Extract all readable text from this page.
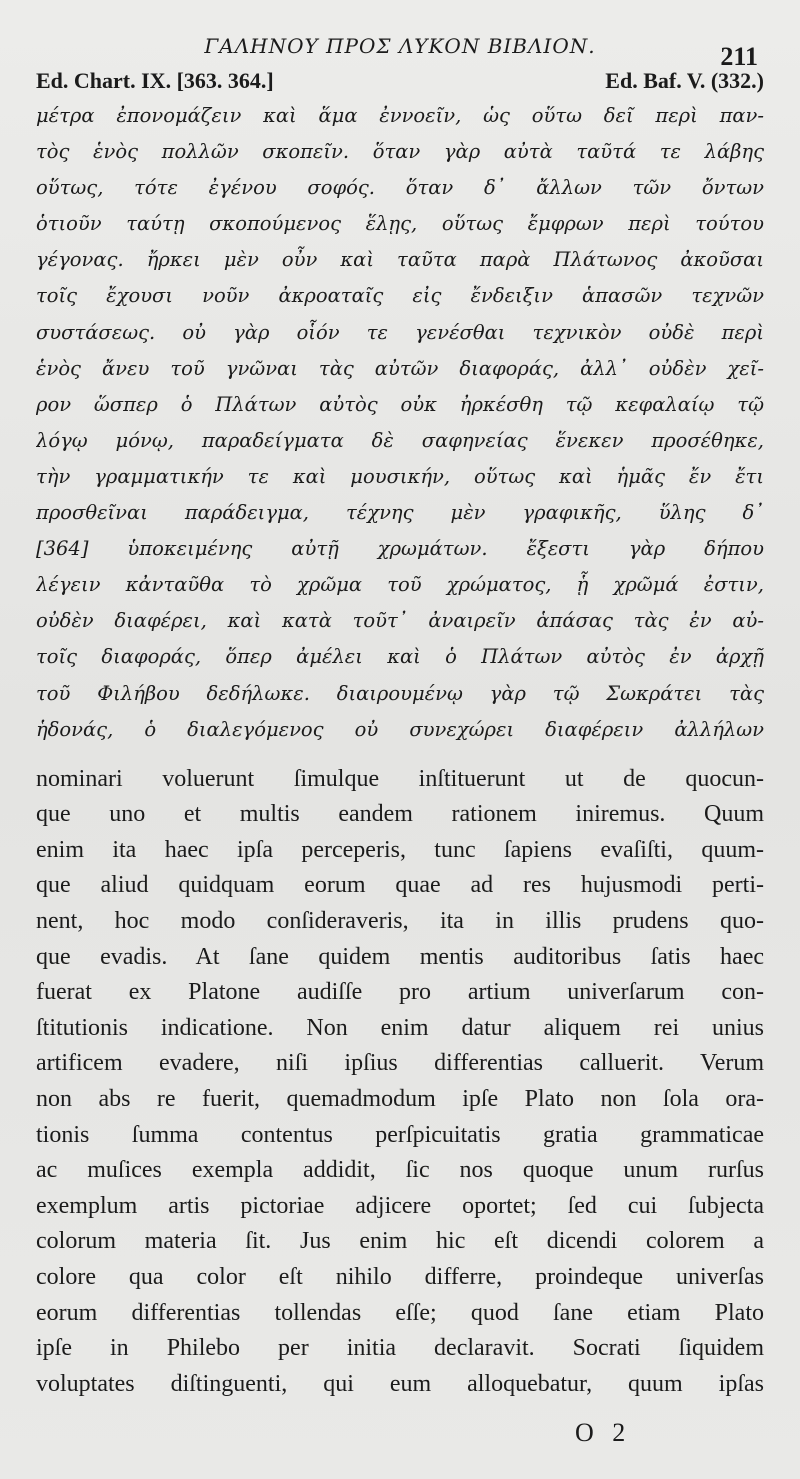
ΓΑΛΗΝΟΥ ΠΡΟΣ ΛΥΚΟΝ ΒΙΒΛΙΟΝ.	211
Ed. Chart. IX. [363. 364.]	Ed. Baf. V. (332.)
μέτρα ἐπονομάζειν καὶ ἅμα ἐννοεῖν, ὡς οὕτω δεῖ περὶ παν-
τὸς ἑνὸς πολλῶν σκοπεῖν. ὅταν γὰρ αὐτὰ ταῦτά τε λάβης
οὕτως, τότε ἐγένου σοφός. ὅταν δ᾽ ἄλλων τῶν ὄντων
ὁτιοῦν ταύτῃ σκοπούμενος ἕλῃς, οὕτως ἔμφρων περὶ τούτου
γέγονας. ἤρκει μὲν οὖν καὶ ταῦτα παρὰ Πλάτωνος ἀκοῦσαι
τοῖς ἔχουσι νοῦν ἀκροαταῖς εἰς ἔνδειξιν ἁπασῶν τεχνῶν
συστάσεως. οὐ γὰρ οἷόν τε γενέσθαι τεχνικὸν οὐδὲ περὶ
ἑνὸς ἄνευ τοῦ γνῶναι τὰς αὐτῶν διαφοράς, ἀλλ᾽ οὐδὲν χεῖ-
ρον ὥσπερ ὁ Πλάτων αὐτὸς οὐκ ἠρκέσθη τῷ κεφαλαίῳ τῷ
λόγῳ μόνῳ, παραδείγματα δὲ σαφηνείας ἕνεκεν προσέθηκε,
τὴν γραμματικήν τε καὶ μουσικήν, οὕτως καὶ ἡμᾶς ἔν ἔτι
προσθεῖναι παράδειγμα, τέχνης μὲν γραφικῆς, ὕλης δ᾽
[364] ὑποκειμένης αὐτῇ χρωμάτων. ἔξεστι γὰρ δήπου
λέγειν κἀνταῦθα τὸ χρῶμα τοῦ χρώματος, ᾗ χρῶμά ἐστιν,
οὐδὲν διαφέρει, καὶ κατὰ τοῦτ᾽ ἀναιρεῖν ἁπάσας τὰς ἐν αὐ-
τοῖς διαφοράς, ὅπερ ἀμέλει καὶ ὁ Πλάτων αὐτὸς ἐν ἀρχῇ
τοῦ Φιλήβου δεδήλωκε. διαιρουμένῳ γὰρ τῷ Σωκράτει τὰς
ἡδονάς, ὁ διαλεγόμενος οὐ συνεχώρει διαφέρειν ἀλλήλων
nominari voluerunt ſimulque inſtituerunt ut de quocun-
que uno et multis eandem rationem iniremus. Quum
enim ita haec ipſa perceperis, tunc ſapiens evaſiſti, quum-
que aliud quidquam eorum quae ad res hujusmodi perti-
nent, hoc modo conſideraveris, ita in illis prudens quo-
que evadis. At ſane quidem mentis auditoribus ſatis haec
fuerat ex Platone audiſſe pro artium univerſarum con-
ſtitutionis indicatione. Non enim datur aliquem rei unius
artificem evadere, niſi ipſius differentias calluerit. Verum
non abs re fuerit, quemadmodum ipſe Plato non ſola ora-
tionis ſumma contentus perſpicuitatis gratia grammaticae
ac muſices exempla addidit, ſic nos quoque unum rurſus
exemplum artis pictoriae adjicere oportet; ſed cui ſubjecta
colorum materia ſit. Jus enim hic eſt dicendi colorem a
colore qua color eſt nihilo differre, proindeque univerſas
eorum differentias tollendas eſſe; quod ſane etiam Plato
ipſe in Philebo per initia declaravit. Socrati ſiquidem
voluptates diſtinguenti, qui eum alloquebatur, quum ipſas
O 2
